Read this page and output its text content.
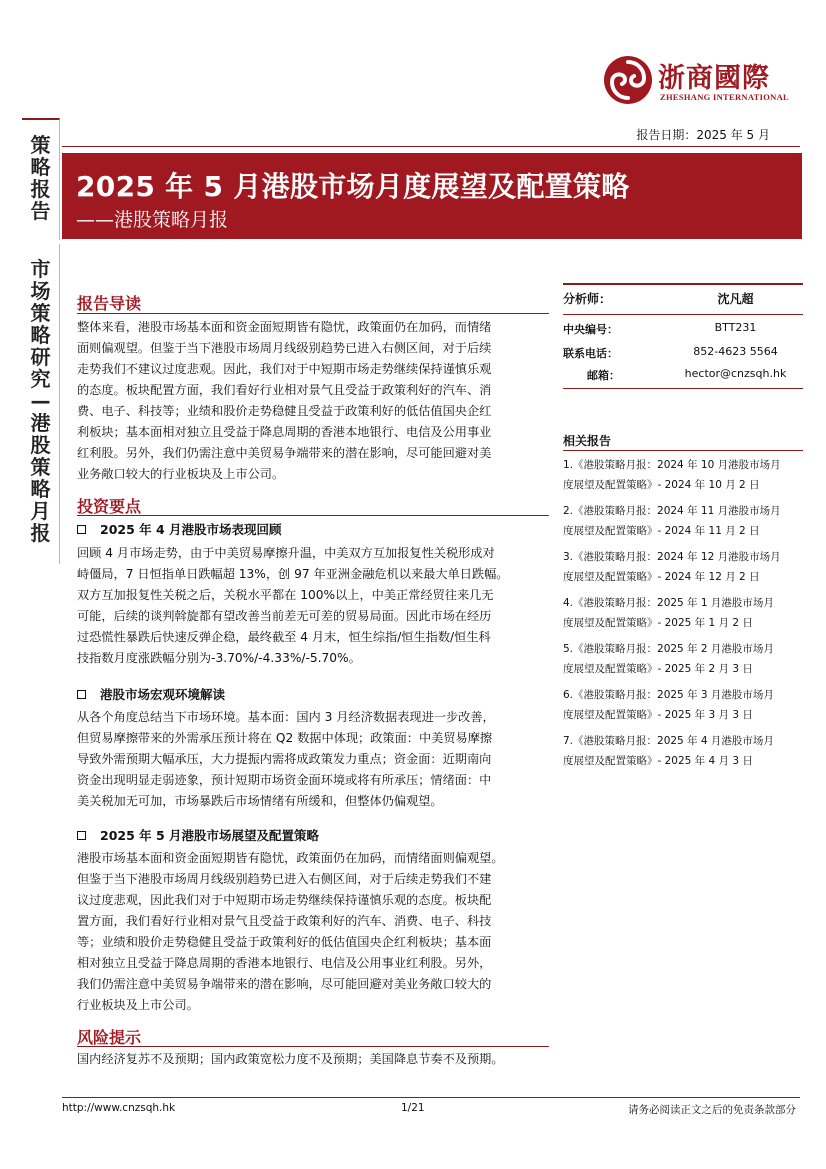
浙商國際
ZHESHANG INTERNATIONAL
策略报告
市场策略研究 — 港股策略月报
报告日期：2025 年 5 月
2025 年 5 月港股市场月度展望及配置策略
——港股策略月报
报告导读
整体来看，港股市场基本面和资金面短期皆有隐忧，政策面仍在加码，而情绪
面则偏观望。但鉴于当下港股市场周月线级别趋势已进入右侧区间，对于后续
走势我们不建议过度悲观。因此，我们对于中短期市场走势继续保持谨慎乐观
的态度。板块配置方面，我们看好行业相对景气且受益于政策利好的汽车、消
费、电子、科技等；业绩和股价走势稳健且受益于政策利好的低估值国央企红
利板块；基本面相对独立且受益于降息周期的香港本地银行、电信及公用事业
红利股。另外，我们仍需注意中美贸易争端带来的潜在影响，尽可能回避对美
业务敞口较大的行业板块及上市公司。
投资要点
2025 年 4 月港股市场表现回顾
回顾 4 月市场走势，由于中美贸易摩擦升温，中美双方互加报复性关税形成对
峙僵局，7 日恒指单日跌幅超 13%，创 97 年亚洲金融危机以来最大单日跌幅。
双方互加报复性关税之后，关税水平都在 100%以上，中美正常经贸往来几无
可能，后续的谈判斡旋都有望改善当前差无可差的贸易局面。因此市场在经历
过恐慌性暴跌后快速反弹企稳，最终截至 4 月末，恒生综指/恒生指数/恒生科
技指数月度涨跌幅分别为-3.70%/-4.33%/-5.70%。
港股市场宏观环境解读
从各个角度总结当下市场环境。基本面：国内 3 月经济数据表现进一步改善，
但贸易摩擦带来的外需承压预计将在 Q2 数据中体现；政策面：中美贸易摩擦
导致外需预期大幅承压，大力提振内需将成政策发力重点；资金面：近期南向
资金出现明显走弱迹象，预计短期市场资金面环境或将有所承压；情绪面：中
美关税加无可加，市场暴跌后市场情绪有所缓和，但整体仍偏观望。
2025 年 5 月港股市场展望及配置策略
港股市场基本面和资金面短期皆有隐忧，政策面仍在加码，而情绪面则偏观望。
但鉴于当下港股市场周月线级别趋势已进入右侧区间，对于后续走势我们不建
议过度悲观，因此我们对于中短期市场走势继续保持谨慎乐观的态度。板块配
置方面，我们看好行业相对景气且受益于政策利好的汽车、消费、电子、科技
等；业绩和股价走势稳健且受益于政策利好的低估值国央企红利板块；基本面
相对独立且受益于降息周期的香港本地银行、电信及公用事业红利股。另外，
我们仍需注意中美贸易争端带来的潜在影响，尽可能回避对美业务敞口较大的
行业板块及上市公司。
风险提示
国内经济复苏不及预期；国内政策宽松力度不及预期；美国降息节奏不及预期。
分析师：	沈凡超
中央编号：	BTT231
联系电话：	852-4623 5564
邮箱：	hector@cnzsqh.hk
相关报告
1.《港股策略月报：2024 年 10 月港股市场月
度展望及配置策略》- 2024 年 10 月 2 日
2.《港股策略月报：2024 年 11 月港股市场月
度展望及配置策略》- 2024 年 11 月 2 日
3.《港股策略月报：2024 年 12 月港股市场月
度展望及配置策略》- 2024 年 12 月 2 日
4.《港股策略月报：2025 年 1 月港股市场月
度展望及配置策略》- 2025 年 1 月 2 日
5.《港股策略月报：2025 年 2 月港股市场月
度展望及配置策略》- 2025 年 2 月 3 日
6.《港股策略月报：2025 年 3 月港股市场月
度展望及配置策略》- 2025 年 3 月 3 日
7.《港股策略月报：2025 年 4 月港股市场月
度展望及配置策略》- 2025 年 4 月 3 日
http://www.cnzsqh.hk	1/21	请务必阅读正文之后的免责条款部分
